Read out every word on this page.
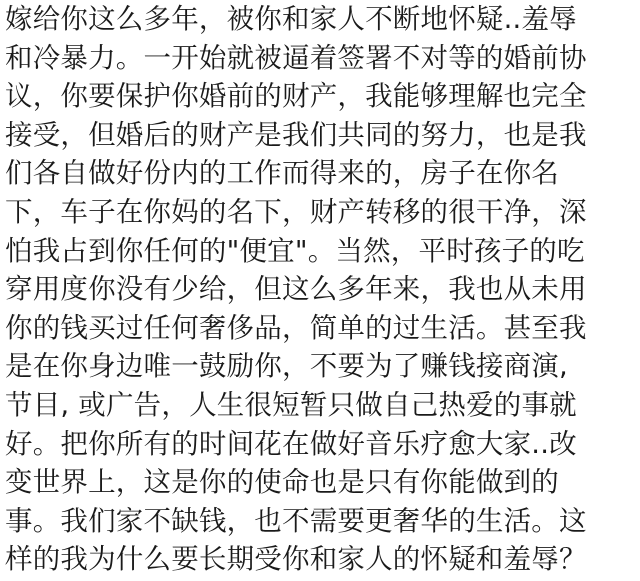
嫁给你这么多年，被你和家人不断地怀疑..羞辱

和冷暴力。一开始就被逼着签署不对等的婚前协

议，你要保护你婚前的财产，我能够理解也完全

接受，但婚后的财产是我们共同的努力，也是我

们各自做好份内的工作而得来的，房子在你名

下，车子在你妈的名下，财产转移的很干净，深

怕我占到你任何的"便宜"。当然，平时孩子的吃

穿用度你没有少给，但这么多年来，我也从未用

你的钱买过任何奢侈品，简单的过生活。甚至我

是在你身边唯一鼓励你，不要为了赚钱接商演,

节目, 或广告，人生很短暂只做自己热爱的事就

好。把你所有的时间花在做好音乐疗愈大家..改

变世界上，这是你的使命也是只有你能做到的

事。我们家不缺钱，也不需要更奢华的生活。这

样的我为什么要长期受你和家人的怀疑和羞辱？
